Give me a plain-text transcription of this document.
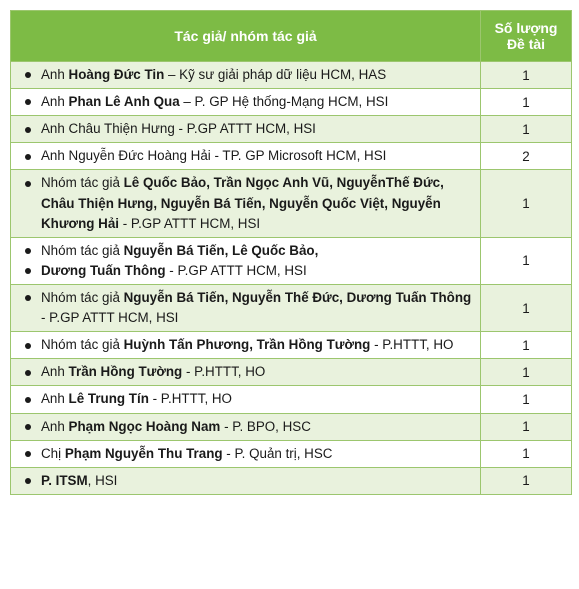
Tác giả/ nhóm tác giả	Số lượng
Đề tài

Anh Hoàng Đức Tin – Kỹ sư giải pháp dữ liệu HCM, HAS	1

Anh Phan Lê Anh Qua – P. GP Hệ thống-Mạng HCM, HSI	1

Anh Châu Thiện Hưng - P.GP ATTT HCM, HSI	1

Anh Nguyễn Đức Hoàng Hải - TP. GP Microsoft HCM, HSI	2

Nhóm tác giả Lê Quốc Bảo, Trần Ngọc Anh Vũ, NguyễnThế Đức, Châu Thiện Hưng, Nguyễn Bá Tiến, Nguyễn Quốc Việt, Nguyễn Khương Hải - P.GP ATTT HCM, HSI	1

Nhóm tác giả Nguyễn Bá Tiến, Lê Quốc Bảo,
Dương Tuấn Thông - P.GP ATTT HCM, HSI	1

Nhóm tác giả Nguyễn Bá Tiến, Nguyễn Thế Đức, Dương Tuấn Thông - P.GP ATTT HCM, HSI	1

Nhóm tác giả Huỳnh Tấn Phương, Trần Hồng Tường - P.HTTT, HO	1

Anh Trần Hồng Tường - P.HTTT, HO	1

Anh Lê Trung Tín - P.HTTT, HO	1

Anh Phạm Ngọc Hoàng Nam - P. BPO, HSC	1

Chị Phạm Nguyễn Thu Trang - P. Quản trị, HSC	1

P. ITSM, HSI	1
